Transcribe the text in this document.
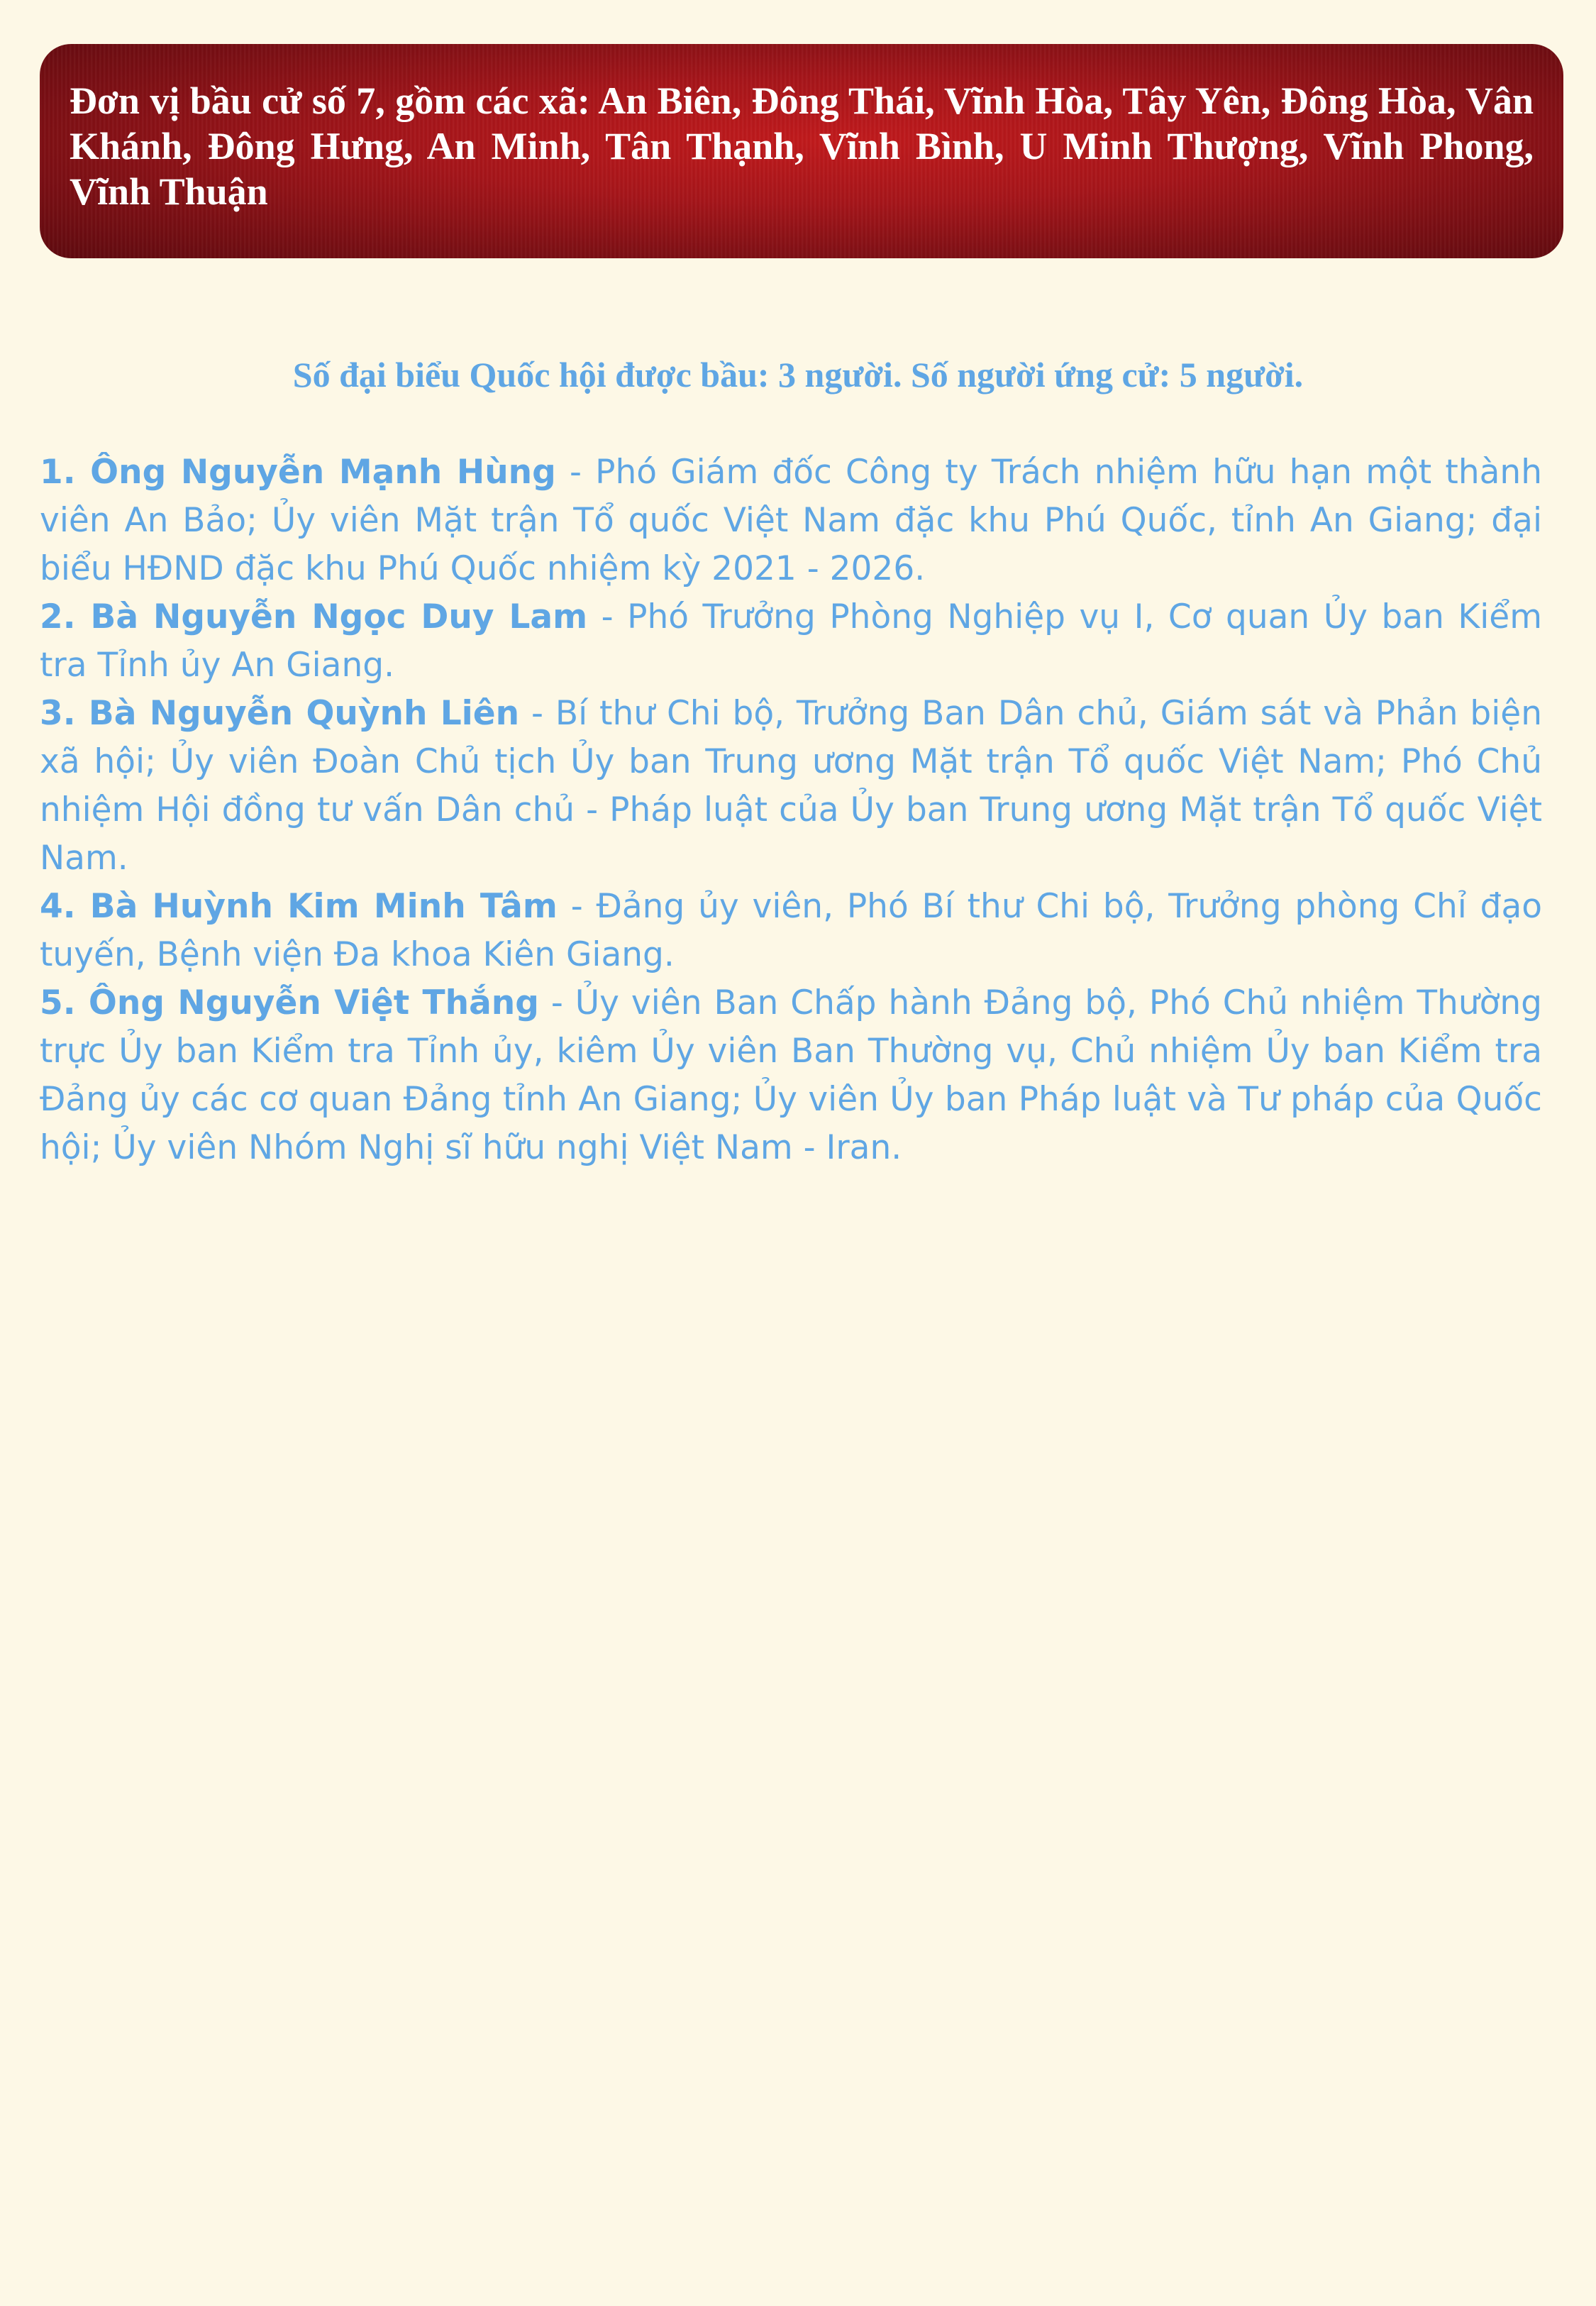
Đơn vị bầu cử số 7, gồm các xã: An Biên, Đông Thái, Vĩnh Hòa, Tây Yên, Đông Hòa, Vân Khánh, Đông Hưng, An Minh, Tân Thạnh, Vĩnh Bình, U Minh Thượng, Vĩnh Phong, Vĩnh Thuận

Số đại biểu Quốc hội được bầu: 3 người. Số người ứng cử: 5 người.

1. Ông Nguyễn Mạnh Hùng - Phó Giám đốc Công ty Trách nhiệm hữu hạn một thành viên An Bảo; Ủy viên Mặt trận Tổ quốc Việt Nam đặc khu Phú Quốc, tỉnh An Giang; đại biểu HĐND đặc khu Phú Quốc nhiệm kỳ 2021 - 2026.
2. Bà Nguyễn Ngọc Duy Lam - Phó Trưởng Phòng Nghiệp vụ I, Cơ quan Ủy ban Kiểm tra Tỉnh ủy An Giang.
3. Bà Nguyễn Quỳnh Liên - Bí thư Chi bộ, Trưởng Ban Dân chủ, Giám sát và Phản biện xã hội; Ủy viên Đoàn Chủ tịch Ủy ban Trung ương Mặt trận Tổ quốc Việt Nam; Phó Chủ nhiệm Hội đồng tư vấn Dân chủ - Pháp luật của Ủy ban Trung ương Mặt trận Tổ quốc Việt Nam.
4. Bà Huỳnh Kim Minh Tâm - Đảng ủy viên, Phó Bí thư Chi bộ, Trưởng phòng Chỉ đạo tuyến, Bệnh viện Đa khoa Kiên Giang.
5. Ông Nguyễn Việt Thắng - Ủy viên Ban Chấp hành Đảng bộ, Phó Chủ nhiệm Thường trực Ủy ban Kiểm tra Tỉnh ủy, kiêm Ủy viên Ban Thường vụ, Chủ nhiệm Ủy ban Kiểm tra Đảng ủy các cơ quan Đảng tỉnh An Giang; Ủy viên Ủy ban Pháp luật và Tư pháp của Quốc hội; Ủy viên Nhóm Nghị sĩ hữu nghị Việt Nam - Iran.
